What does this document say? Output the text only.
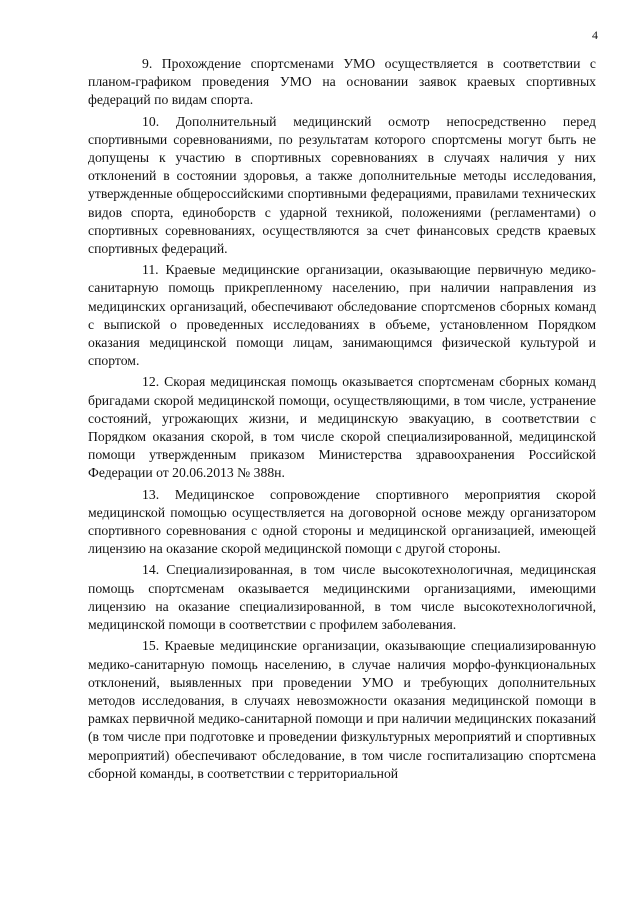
4

9. Прохождение спортсменами УМО осуществляется в соответствии с планом-графиком проведения УМО на основании заявок краевых спортивных федераций по видам спорта.

10. Дополнительный медицинский осмотр непосредственно перед спортивными соревнованиями, по результатам которого спортсмены могут быть не допущены к участию в спортивных соревнованиях в случаях наличия у них отклонений в состоянии здоровья, а также дополнительные методы исследования, утвержденные общероссийскими спортивными федерациями, правилами технических видов спорта, единоборств с ударной техникой, положениями (регламентами) о спортивных соревнованиях, осуществляются за счет финансовых средств краевых спортивных федераций.

11. Краевые медицинские организации, оказывающие первичную медико-санитарную помощь прикрепленному населению, при наличии направления из медицинских организаций, обеспечивают обследование спортсменов сборных команд с выпиской о проведенных исследованиях в объеме, установленном Порядком оказания медицинской помощи лицам, занимающимся физической культурой и спортом.

12. Скорая медицинская помощь оказывается спортсменам сборных команд бригадами скорой медицинской помощи, осуществляющими, в том числе, устранение состояний, угрожающих жизни, и медицинскую эвакуацию, в соответствии с Порядком оказания скорой, в том числе скорой специализированной, медицинской помощи утвержденным приказом Министерства здравоохранения Российской Федерации от 20.06.2013 № 388н.

13. Медицинское сопровождение спортивного мероприятия скорой медицинской помощью осуществляется на договорной основе между организатором спортивного соревнования с одной стороны и медицинской организацией, имеющей лицензию на оказание скорой медицинской помощи с другой стороны.

14. Специализированная, в том числе высокотехнологичная, медицинская помощь спортсменам оказывается медицинскими организациями, имеющими лицензию на оказание специализированной, в том числе высокотехнологичной, медицинской помощи в соответствии с профилем заболевания.

15. Краевые медицинские организации, оказывающие специализированную медико-санитарную помощь населению, в случае наличия морфо-функциональных отклонений, выявленных при проведении УМО и требующих дополнительных методов исследования, в случаях невозможности оказания медицинской помощи в рамках первичной медико-санитарной помощи и при наличии медицинских показаний (в том числе при подготовке и проведении физкультурных мероприятий и спортивных мероприятий) обеспечивают обследование, в том числе госпитализацию спортсмена сборной команды, в соответствии с территориальной
